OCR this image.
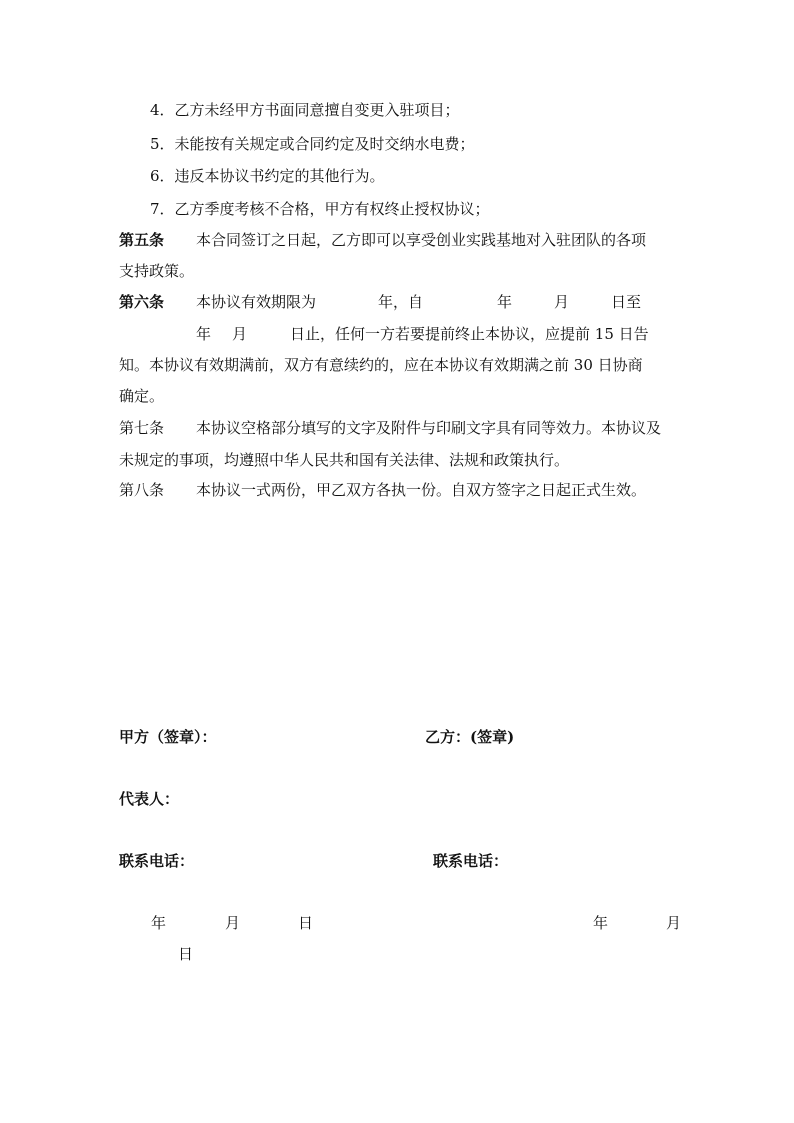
4．乙方未经甲方书面同意擅自变更入驻项目；
5．未能按有关规定或合同约定及时交纳水电费；
6．违反本协议书约定的其他行为。
7．乙方季度考核不合格，甲方有权终止授权协议；
第五条 本合同签订之日起，乙方即可以享受创业实践基地对入驻团队的各项
支持政策。
第六条 本协议有效期限为	年，自	年	月	日至
年 月	日止，任何一方若要提前终止本协议，应提前 15 日告
知。本协议有效期满前，双方有意续约的，应在本协议有效期满之前 30 日协商
确定。
第七条 本协议空格部分填写的文字及附件与印刷文字具有同等效力。本协议及
未规定的事项，均遵照中华人民共和国有关法律、法规和政策执行。
第八条 本协议一式两份，甲乙双方各执一份。自双方签字之日起正式生效。
甲方（签章）：	乙方：(签章)
代表人：
联系电话：	联系电话：
年	月	日	年	月
日
